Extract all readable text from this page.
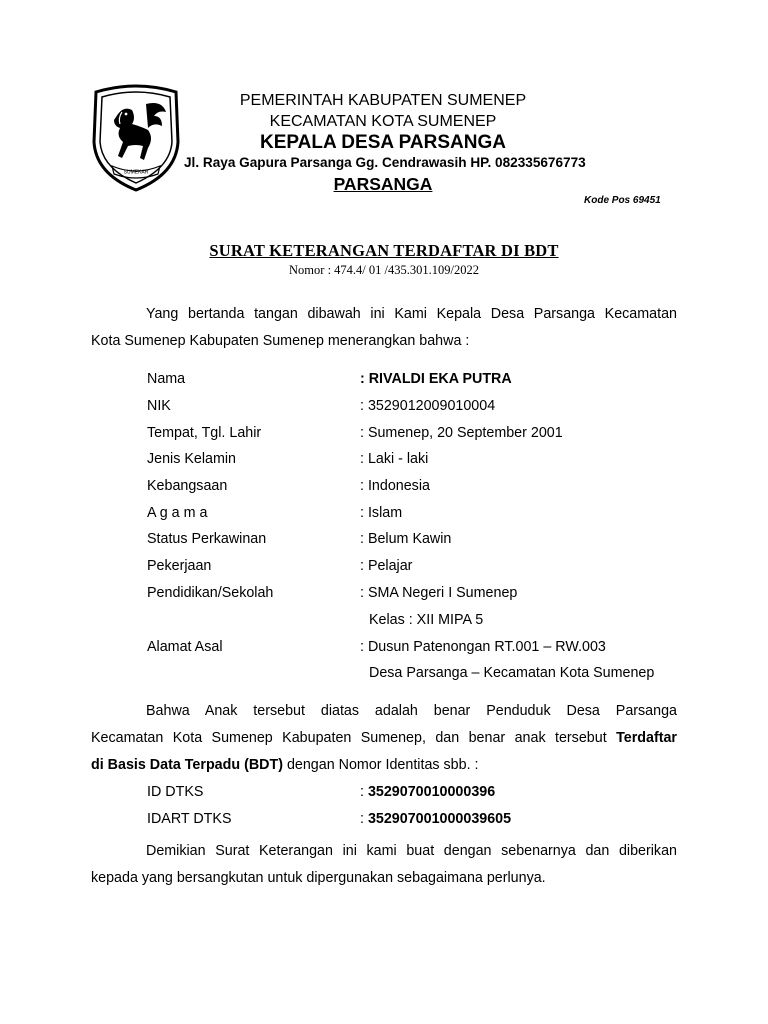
SUMEKAR
PEMERINTAH KABUPATEN SUMENEP
KECAMATAN KOTA SUMENEP
KEPALA DESA PARSANGA
Jl. Raya Gapura Parsanga Gg. Cendrawasih HP. 082335676773
PARSANGA
Kode Pos 69451
SURAT KETERANGAN TERDAFTAR DI BDT
Nomor : 474.4/ 01 /435.301.109/2022
Yang bertanda tangan dibawah ini Kami Kepala Desa Parsanga Kecamatan
Kota Sumenep Kabupaten Sumenep menerangkan bahwa :
Nama	: RIVALDI EKA PUTRA
NIK	: 3529012009010004
Tempat, Tgl. Lahir	: Sumenep, 20 September 2001
Jenis Kelamin	: Laki - laki
Kebangsaan	: Indonesia
A g a m a	: Islam
Status Perkawinan	: Belum Kawin
Pekerjaan	: Pelajar
Pendidikan/Sekolah	: SMA Negeri I Sumenep
Kelas : XII MIPA 5
Alamat Asal	: Dusun Patenongan RT.001 – RW.003
Desa Parsanga – Kecamatan Kota Sumenep
Bahwa Anak tersebut diatas adalah benar Penduduk Desa Parsanga
Kecamatan Kota Sumenep Kabupaten Sumenep, dan benar anak tersebut Terdaftar
di Basis Data Terpadu (BDT) dengan Nomor Identitas sbb. :
ID DTKS	: 3529070010000396
IDART DTKS	: 352907001000039605
Demikian Surat Keterangan ini kami buat dengan sebenarnya dan diberikan
kepada yang bersangkutan untuk dipergunakan sebagaimana perlunya.
